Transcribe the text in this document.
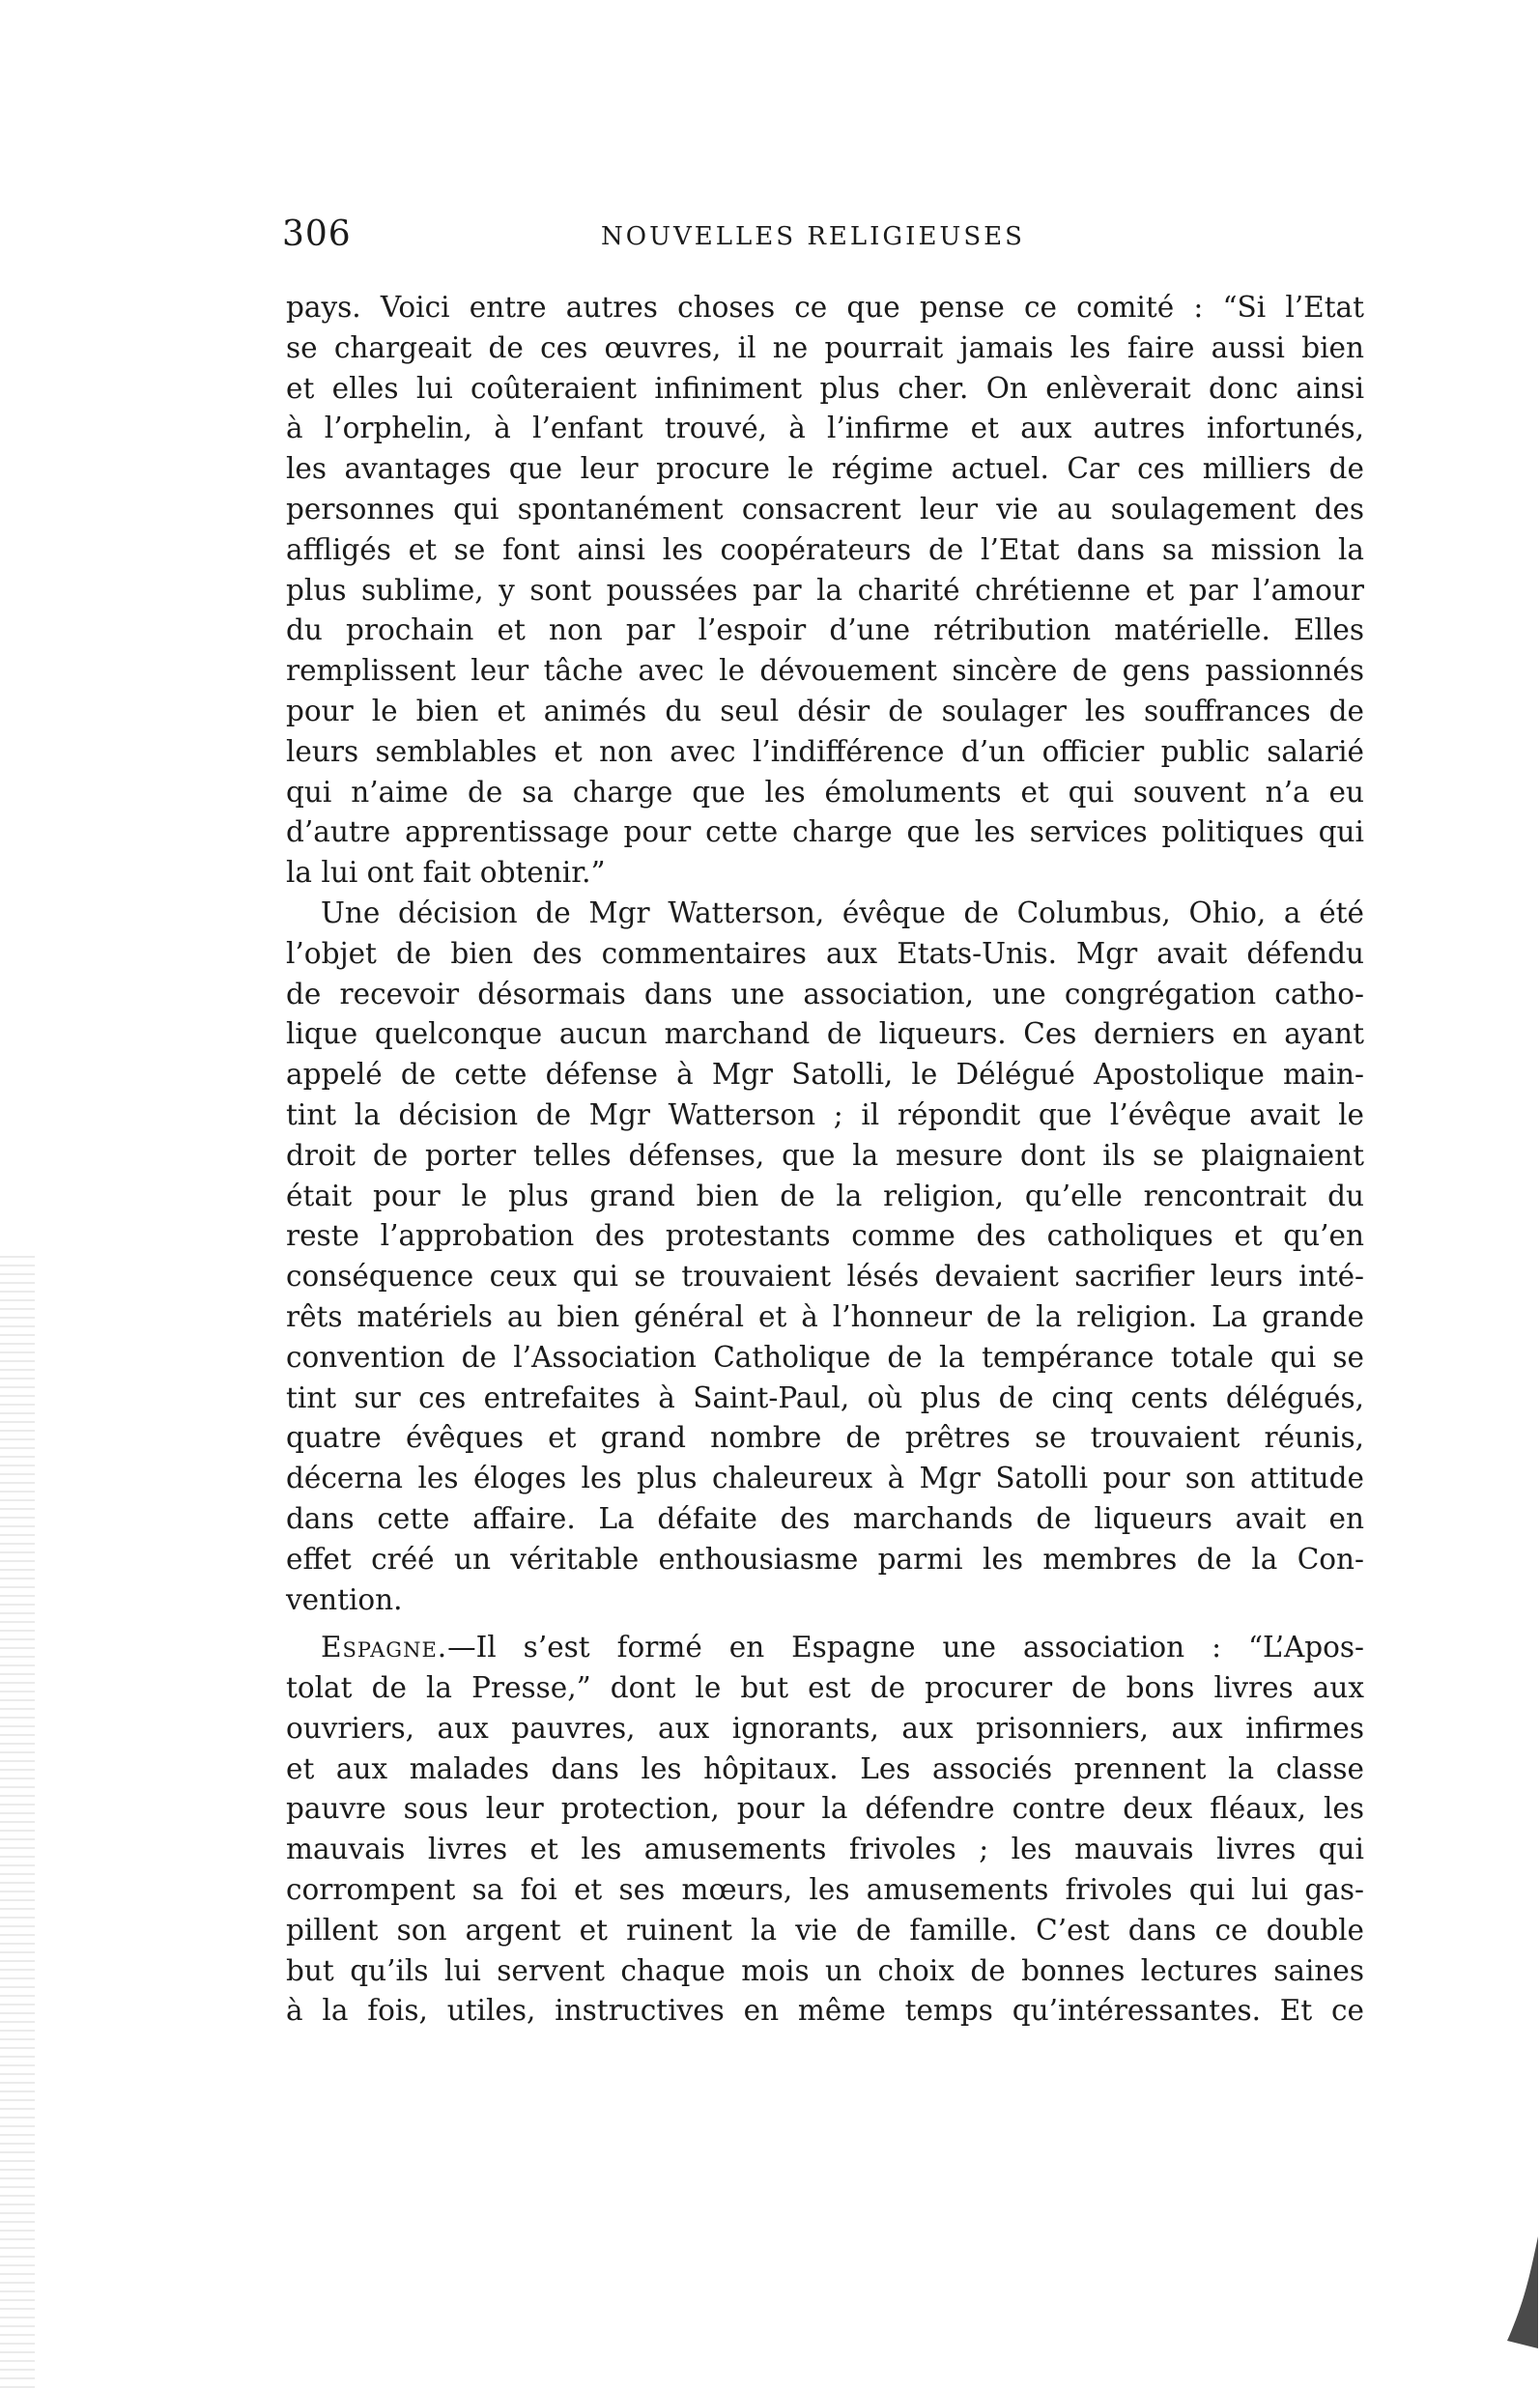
306	NOUVELLES RELIGIEUSES
pays. Voici entre autres choses ce que pense ce comité : “Si l’Etat
se chargeait de ces œuvres, il ne pourrait jamais les faire aussi bien
et elles lui coûteraient infiniment plus cher. On enlèverait donc ainsi
à l’orphelin, à l’enfant trouvé, à l’infirme et aux autres infortunés,
les avantages que leur procure le régime actuel. Car ces milliers de
personnes qui spontanément consacrent leur vie au soulagement des
affligés et se font ainsi les coopérateurs de l’Etat dans sa mission la
plus sublime, y sont poussées par la charité chrétienne et par l’amour
du prochain et non par l’espoir d’une rétribution matérielle. Elles
remplissent leur tâche avec le dévouement sincère de gens passionnés
pour le bien et animés du seul désir de soulager les souffrances de
leurs semblables et non avec l’indifférence d’un officier public salarié
qui n’aime de sa charge que les émoluments et qui souvent n’a eu
d’autre apprentissage pour cette charge que les services politiques qui
la lui ont fait obtenir.”
Une décision de Mgr Watterson, évêque de Columbus, Ohio, a été
l’objet de bien des commentaires aux Etats-Unis. Mgr avait défendu
de recevoir désormais dans une association, une congrégation catho-
lique quelconque aucun marchand de liqueurs. Ces derniers en ayant
appelé de cette défense à Mgr Satolli, le Délégué Apostolique main-
tint la décision de Mgr Watterson ; il répondit que l’évêque avait le
droit de porter telles défenses, que la mesure dont ils se plaignaient
était pour le plus grand bien de la religion, qu’elle rencontrait du
reste l’approbation des protestants comme des catholiques et qu’en
conséquence ceux qui se trouvaient lésés devaient sacrifier leurs inté-
rêts matériels au bien général et à l’honneur de la religion. La grande
convention de l’Association Catholique de la tempérance totale qui se
tint sur ces entrefaites à Saint-Paul, où plus de cinq cents délégués,
quatre évêques et grand nombre de prêtres se trouvaient réunis,
décerna les éloges les plus chaleureux à Mgr Satolli pour son attitude
dans cette affaire. La défaite des marchands de liqueurs avait en
effet créé un véritable enthousiasme parmi les membres de la Con-
vention.
Espagne.—Il s’est formé en Espagne une association : “L’Apos-
tolat de la Presse,” dont le but est de procurer de bons livres aux
ouvriers, aux pauvres, aux ignorants, aux prisonniers, aux infirmes
et aux malades dans les hôpitaux. Les associés prennent la classe
pauvre sous leur protection, pour la défendre contre deux fléaux, les
mauvais livres et les amusements frivoles ; les mauvais livres qui
corrompent sa foi et ses mœurs, les amusements frivoles qui lui gas-
pillent son argent et ruinent la vie de famille. C’est dans ce double
but qu’ils lui servent chaque mois un choix de bonnes lectures saines
à la fois, utiles, instructives en même temps qu’intéressantes. Et ce
